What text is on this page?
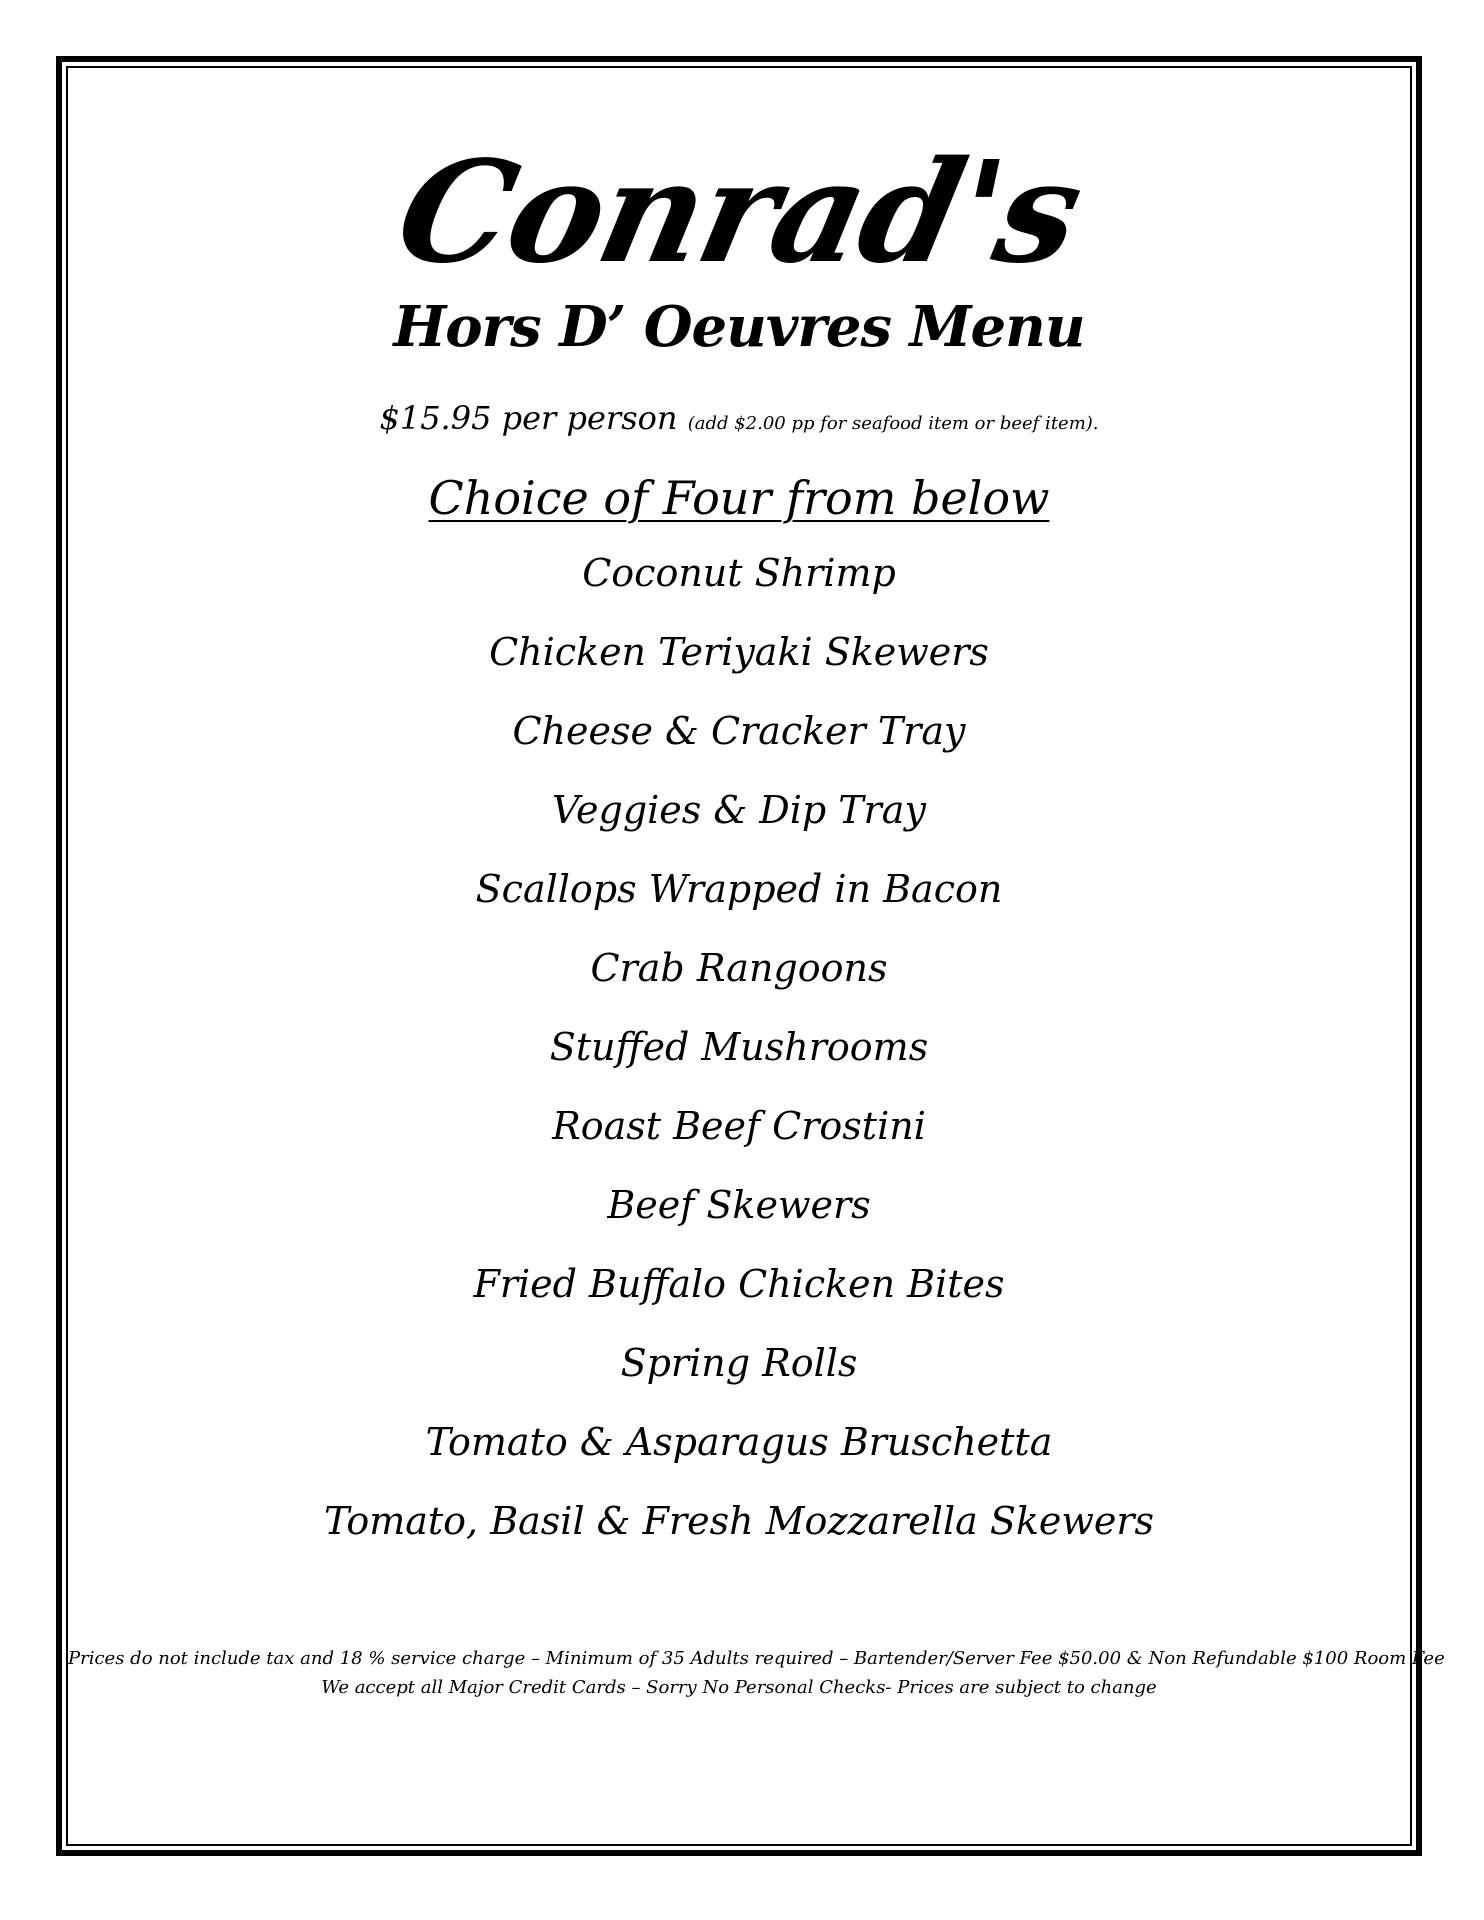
Conrad's
Hors D’ Oeuvres Menu
$15.95 per person (add $2.00 pp for seafood item or beef item).
Choice of Four from below
Coconut Shrimp
Chicken Teriyaki Skewers
Cheese & Cracker Tray
Veggies & Dip Tray
Scallops Wrapped in Bacon
Crab Rangoons
Stuffed Mushrooms
Roast Beef Crostini
Beef Skewers
Fried Buffalo Chicken Bites
Spring Rolls
Tomato & Asparagus Bruschetta
Tomato, Basil & Fresh Mozzarella Skewers
Prices do not include tax and 18 % service charge – Minimum of 35 Adults required – Bartender/Server Fee $50.00 & Non Refundable $100 Room Fee
We accept all Major Credit Cards – Sorry No Personal Checks- Prices are subject to change
